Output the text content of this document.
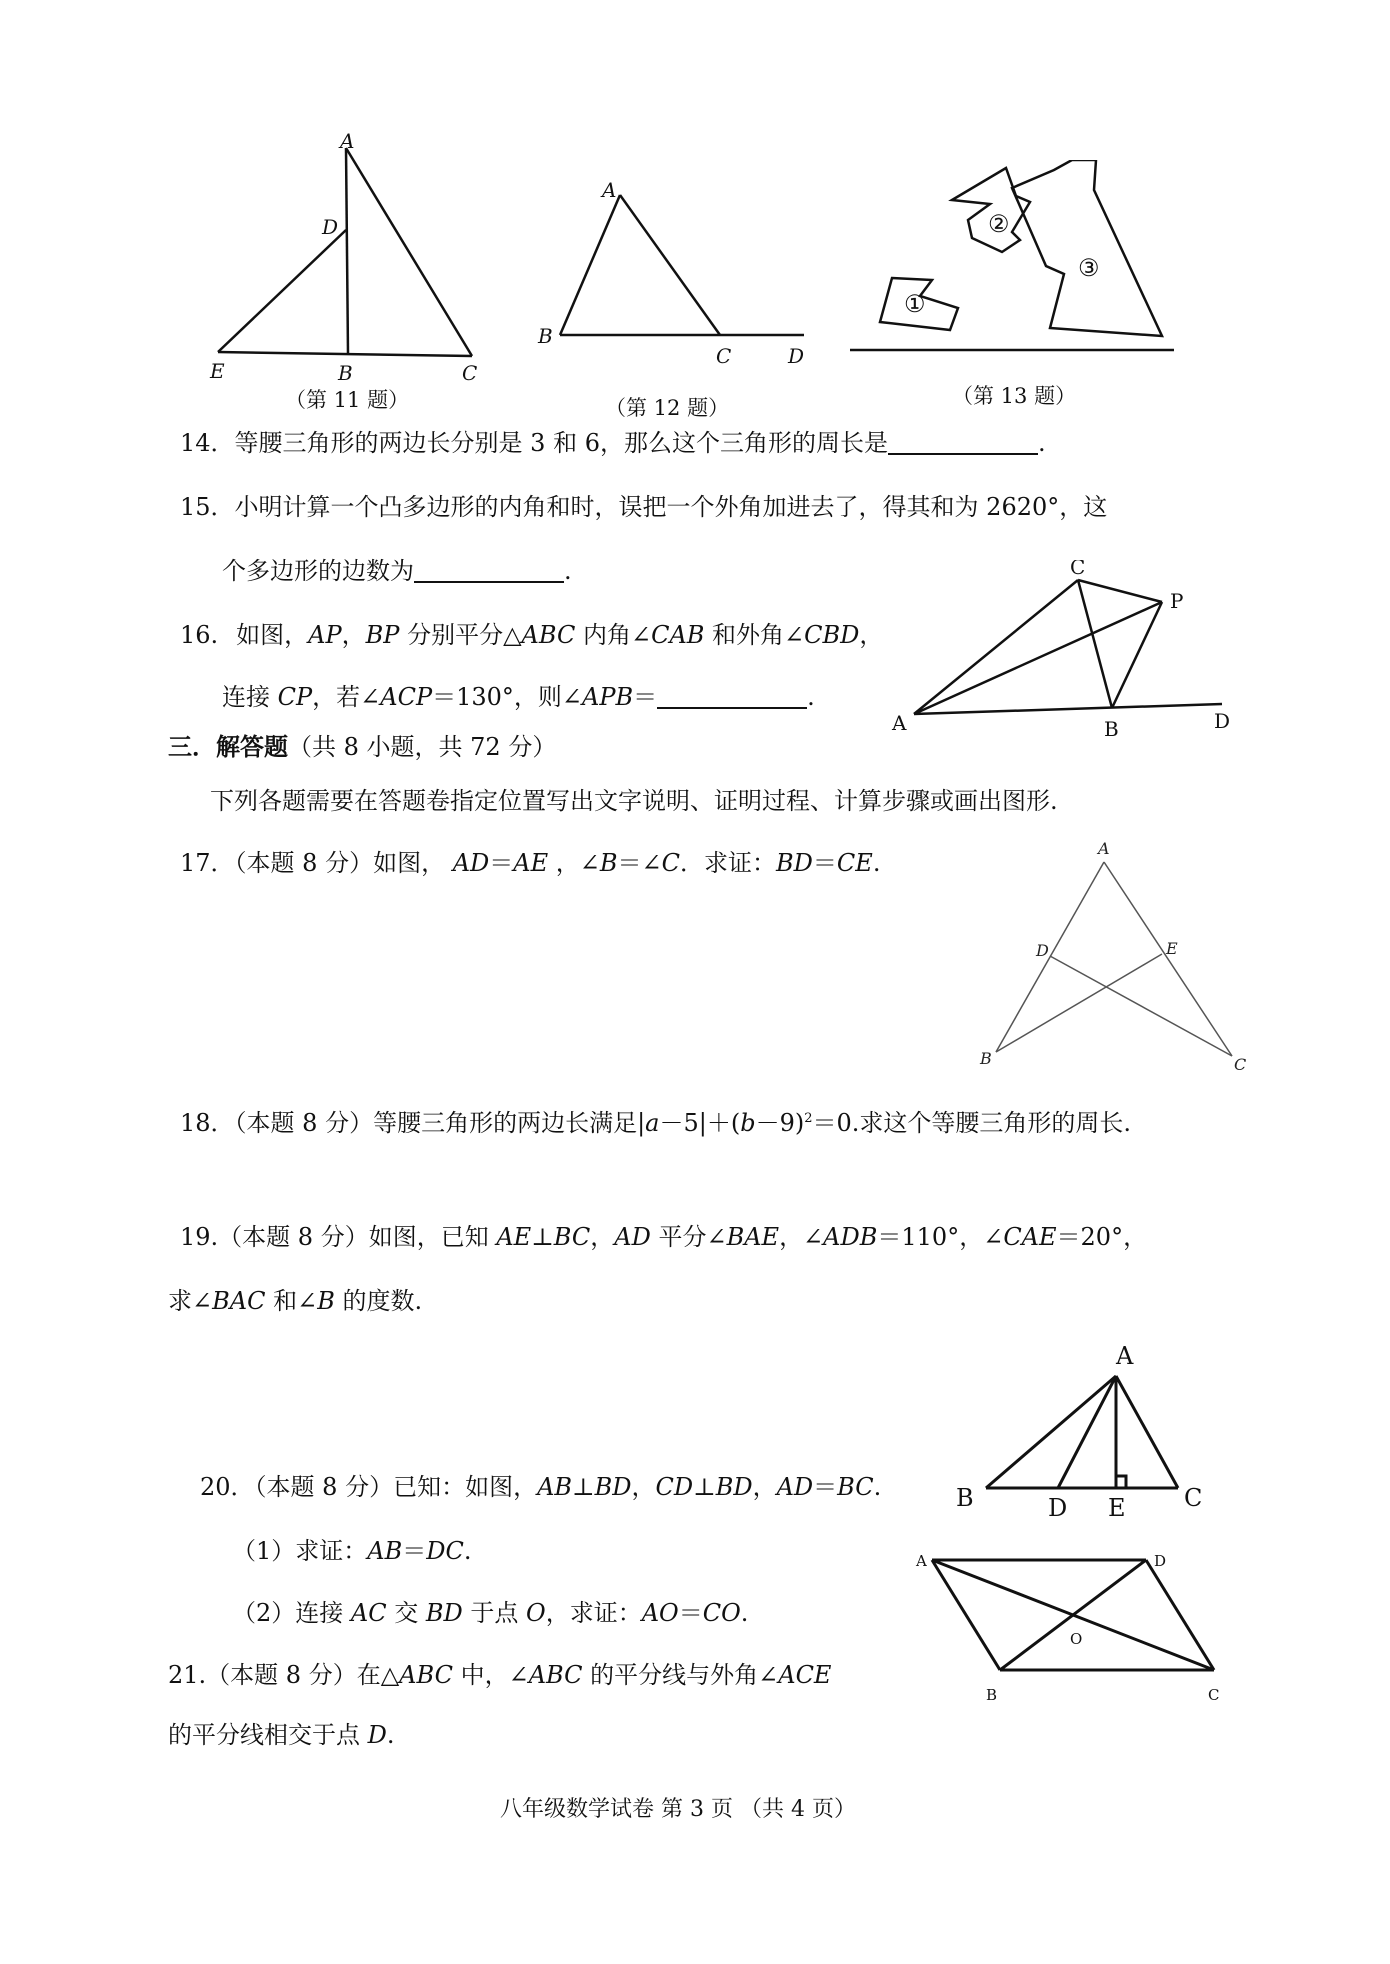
A
D
E	B	C
（第 11 题）
A
B
C	D
（第 12 题）
①
②
③
（第 13 题）
14．等腰三角形的两边长分别是 3 和 6，那么这个三角形的周长是	.
15．小明计算一个凸多边形的内角和时，误把一个外角加进去了，得其和为 2620°，这
个多边形的边数为	.	C
P
A	B	D
16. 如图，AP，BP 分别平分△ABC 内角∠CAB 和外角∠CBD，
连接 CP，若∠ACP＝130°，则∠APB＝	.
三．解答题（共 8 小题，共 72 分）
下列各题需要在答题卷指定位置写出文字说明、证明过程、计算步骤或画出图形.
17．（本题 8 分）如图， AD＝AE ，∠B＝∠C．求证：BD＝CE.
A
D	E
B	C
18．（本题 8 分）等腰三角形的两边长满足$|a-5|+(b-9)^2=0$.求这个等腰三角形的周长.
19.（本题 8 分）如图，已知 AE⊥BC，AD 平分∠BAE，∠ADB＝110°，∠CAE＝20°，
求∠BAC 和∠B 的度数.
A
B	D E C
20．（本题 8 分）已知：如图，AB⊥BD，CD⊥BD，AD＝BC.
（1）求证：AB＝DC.
（2）连接 AC 交 BD 于点 O，求证：AO＝CO.
A	D
O
B	C
21.（本题 8 分）在△ABC 中，∠ABC 的平分线与外角∠ACE
的平分线相交于点 D.
八年级数学试卷 第 3 页 （共 4 页）
